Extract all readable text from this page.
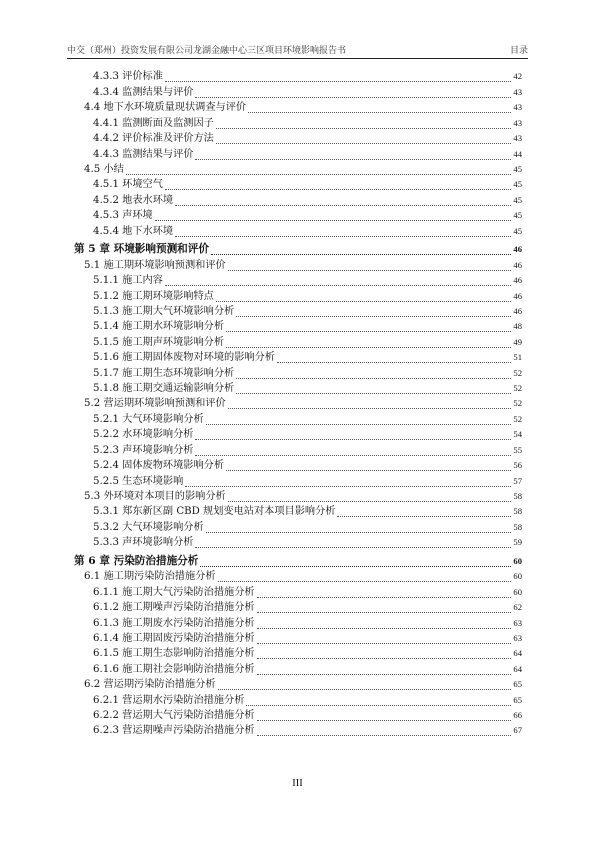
中交（郑州）投资发展有限公司龙湖金融中心三区项目环境影响报告书	目录
4.3.3 评价标准	42
4.3.4 监测结果与评价	43
4.4 地下水环境质量现状调查与评价	43
4.4.1 监测断面及监测因子	43
4.4.2 评价标准及评价方法	43
4.4.3 监测结果与评价	44
4.5 小结	45
4.5.1 环境空气	45
4.5.2 地表水环境	45
4.5.3 声环境	45
4.5.4 地下水环境	45
第 5 章 环境影响预测和评价	46
5.1 施工期环境影响预测和评价	46
5.1.1 施工内容	46
5.1.2 施工期环境影响特点	46
5.1.3 施工期大气环境影响分析	46
5.1.4 施工期水环境影响分析	48
5.1.5 施工期声环境影响分析	49
5.1.6 施工期固体废物对环境的影响分析	51
5.1.7 施工期生态环境影响分析	52
5.1.8 施工期交通运输影响分析	52
5.2 营运期环境影响预测和评价	52
5.2.1 大气环境影响分析	52
5.2.2 水环境影响分析	54
5.2.3 声环境影响分析	55
5.2.4 固体废物环境影响分析	56
5.2.5 生态环境影响	57
5.3 外环境对本项目的影响分析	58
5.3.1 郑东新区副 CBD 规划变电站对本项目影响分析	58
5.3.2 大气环境影响分析	58
5.3.3 声环境影响分析	59
第 6 章 污染防治措施分析	60
6.1 施工期污染防治措施分析	60
6.1.1 施工期大气污染防治措施分析	60
6.1.2 施工期噪声污染防治措施分析	62
6.1.3 施工期废水污染防治措施分析	63
6.1.4 施工期固废污染防治措施分析	63
6.1.5 施工期生态影响防治措施分析	64
6.1.6 施工期社会影响防治措施分析	64
6.2 营运期污染防治措施分析	65
6.2.1 营运期水污染防治措施分析	65
6.2.2 营运期大气污染防治措施分析	66
6.2.3 营运期噪声污染防治措施分析	67
III
